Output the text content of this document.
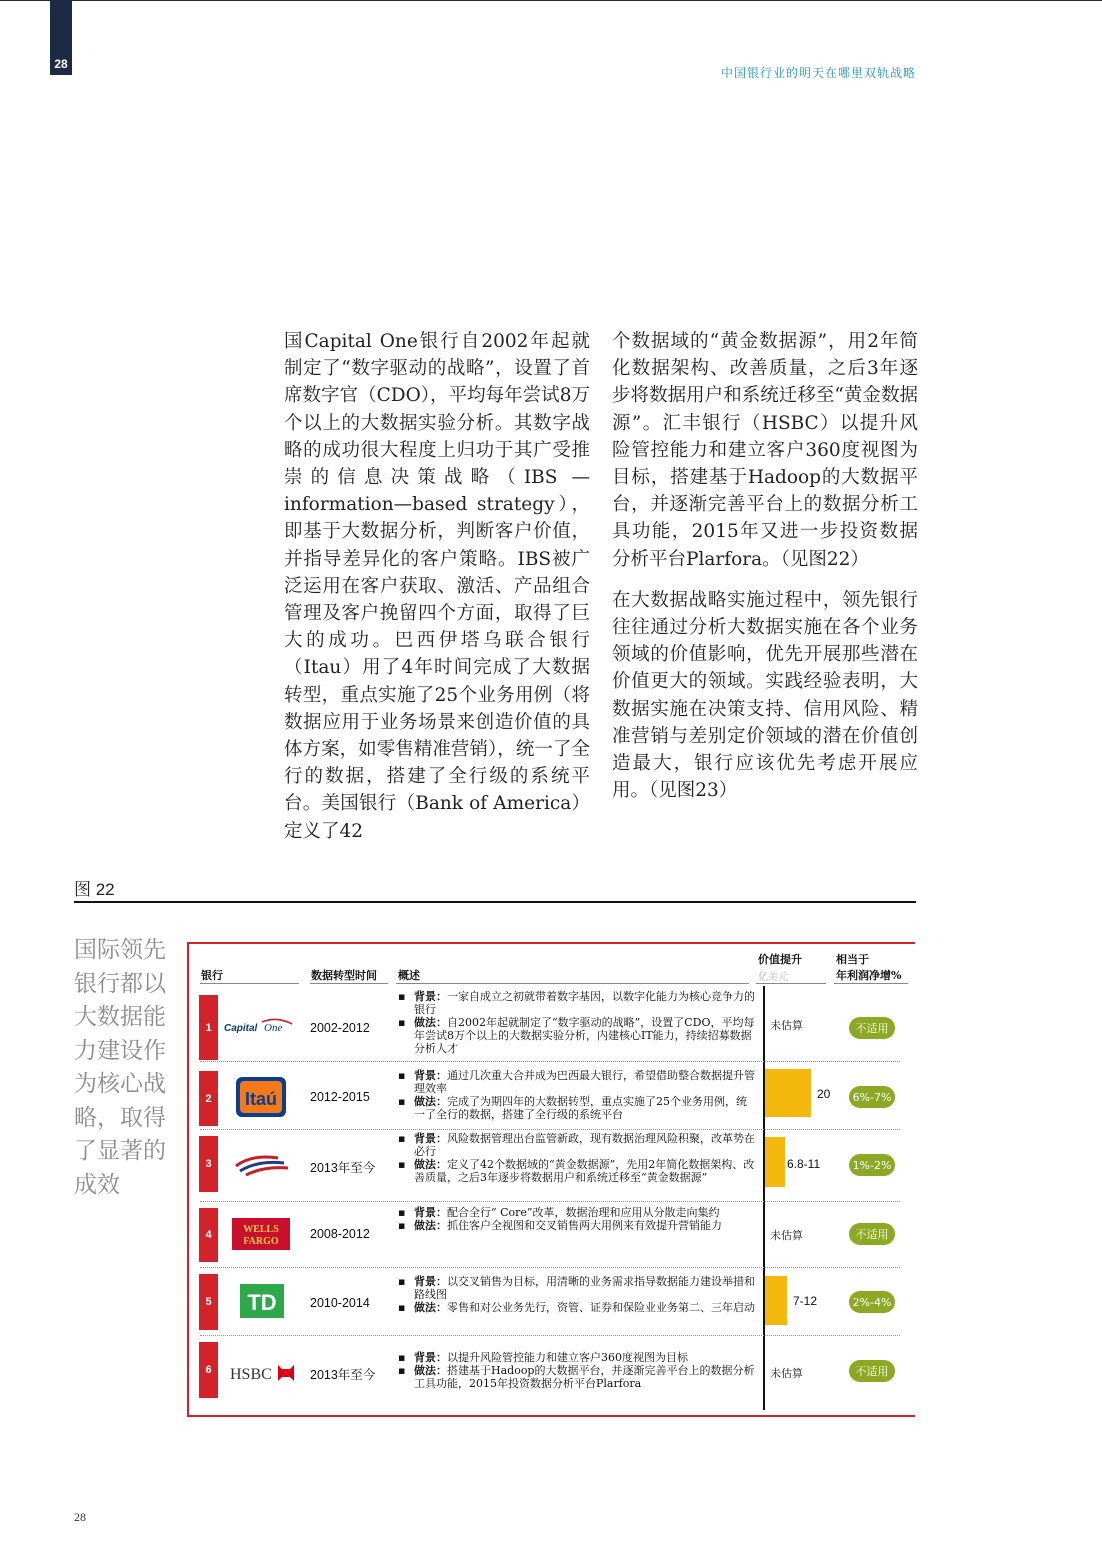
28
中国银行业的明天在哪里双轨战略

国Capital One银行自2002年起就制定了“数字驱动的战略”，设置了首席数字官（CDO），平均每年尝试8万个以上的大数据实验分析。其数字战略的成功很大程度上归功于其广受推崇的信息决策战略（IBS — information—based strategy），即基于大数据分析，判断客户价值，并指导差异化的客户策略。IBS被广泛运用在客户获取、激活、产品组合管理及客户挽留四个方面，取得了巨大的成功。巴西伊塔乌联合银行（Itau）用了4年时间完成了大数据转型，重点实施了25个业务用例（将数据应用于业务场景来创造价值的具体方案，如零售精准营销），统一了全行的数据，搭建了全行级的系统平台。美国银行（Bank of America）定义了42

个数据域的“黄金数据源”，用2年简化数据架构、改善质量，之后3年逐步将数据用户和系统迁移至“黄金数据源”。汇丰银行（HSBC）以提升风险管控能力和建立客户360度视图为目标，搭建基于Hadoop的大数据平台，并逐渐完善平台上的数据分析工具功能，2015年又进一步投资数据分析平台Plarfora。（见图22）

在大数据战略实施过程中，领先银行往往通过分析大数据实施在各个业务领域的价值影响，优先开展那些潜在价值更大的领域。实践经验表明，大数据实施在决策支持、信用风险、精准营销与差别定价领域的潜在价值创造最大，银行应该优先考虑开展应用。（见图23）

图 22
国际领先银行都以大数据能力建设作为核心战略，取得了显著的成效
银行	数据转型时间 概述
价值提升
亿美元
相当于
年利润净增%
1	Capital One 2002-2012
▪ 背景：一家自成立之初就带着数字基因，以数字化能力为核心竞争力的银行
▪ 做法：自2002年起就制定了“数字驱动的战略”，设置了CDO，平均每年尝试8万个以上的大数据实验分析，内建核心IT能力，持续招募数据分析人才
未估算	不适用
2	Itaú	2012-2015
▪ 背景：通过几次重大合并成为巴西最大银行，希望借助整合数据提升管理效率
▪ 做法：完成了为期四年的大数据转型，重点实施了25个业务用例，统一了全行的数据，搭建了全行级的系统平台
20	6%-7%
3	2013年至今
▪ 背景：风险数据管理出台监管新政，现有数据治理风险积聚，改革势在必行
▪ 做法：定义了42个数据域的“黄金数据源”，先用2年简化数据架构、改善质量，之后3年逐步将数据用户和系统迁移至“黄金数据源”
6.8-11	1%-2%
4	WELLS
FARGO
2008-2012
▪ 背景：配合全行“ Core”改革，数据治理和应用从分散走向集约
▪ 做法：抓住客户全视图和交叉销售两大用例来有效提升营销能力
未估算	不适用
5 TD	2010-2014
▪ 背景：以交叉销售为目标，用清晰的业务需求指导数据能力建设举措和路线图
▪ 做法：零售和对公业务先行，资管、证券和保险业业务第二、三年启动	7-12	2%-4%
6	HSBC	2013年至今
▪ 背景：以提升风险管控能力和建立客户360度视图为目标
▪ 做法：搭建基于Hadoop的大数据平台，并逐渐完善平台上的数据分析工具功能，2015年投资数据分析平台Plarfora
未估算	不适用
28
